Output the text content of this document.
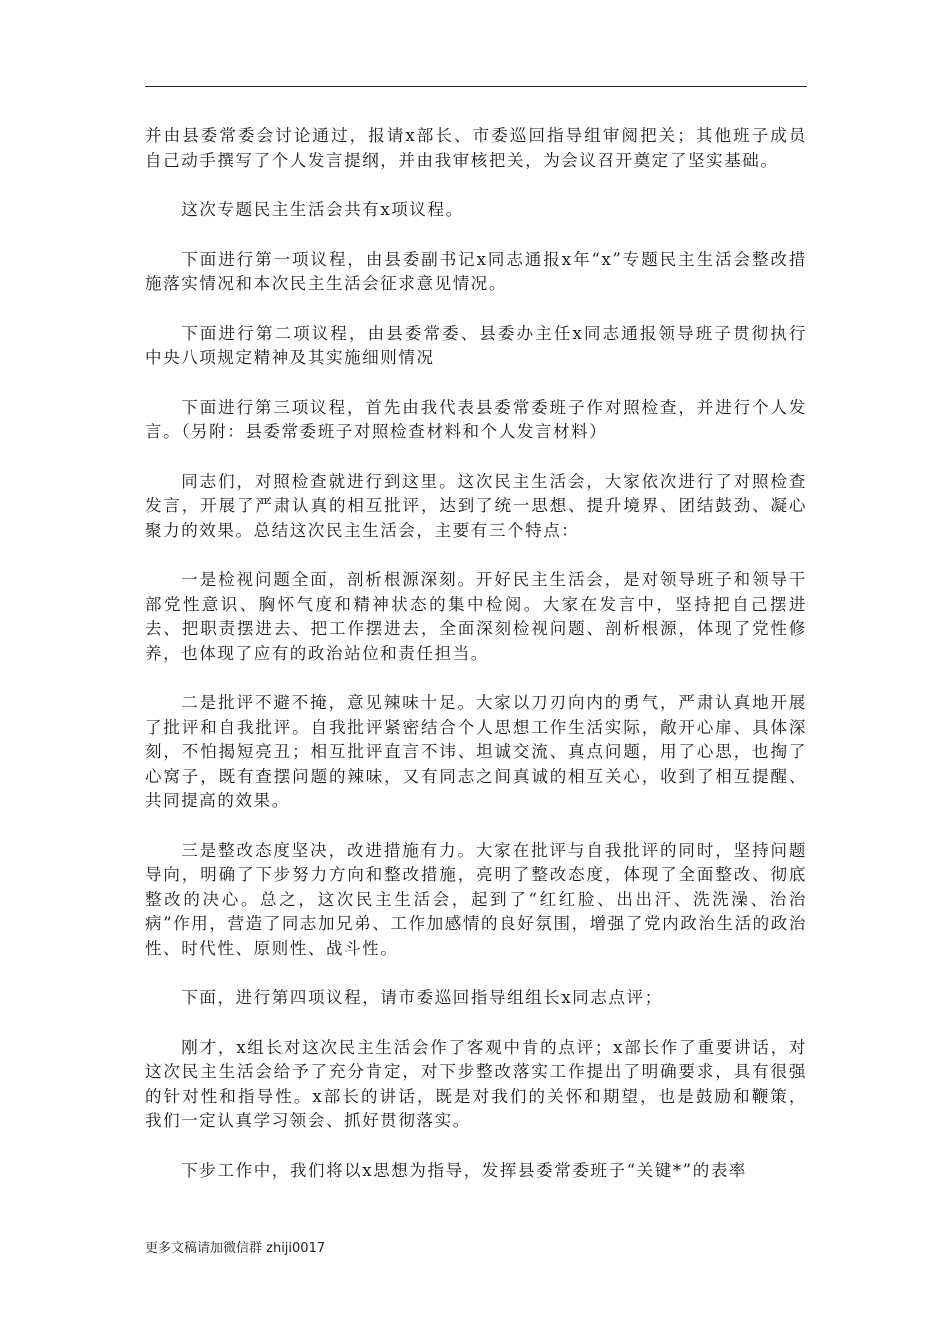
并由县委常委会讨论通过，报请x部长、市委巡回指导组审阅把关；其他班子成员自己动手撰写了个人发言提纲，并由我审核把关，为会议召开奠定了坚实基础。

这次专题民主生活会共有x项议程。

下面进行第一项议程，由县委副书记x同志通报x年“x”专题民主生活会整改措施落实情况和本次民主生活会征求意见情况。

下面进行第二项议程，由县委常委、县委办主任x同志通报领导班子贯彻执行中央八项规定精神及其实施细则情况

下面进行第三项议程，首先由我代表县委常委班子作对照检查，并进行个人发言。（另附：县委常委班子对照检查材料和个人发言材料）

同志们，对照检查就进行到这里。这次民主生活会，大家依次进行了对照检查发言，开展了严肃认真的相互批评，达到了统一思想、提升境界、团结鼓劲、凝心聚力的效果。总结这次民主生活会，主要有三个特点：

一是检视问题全面，剖析根源深刻。开好民主生活会，是对领导班子和领导干部党性意识、胸怀气度和精神状态的集中检阅。大家在发言中，坚持把自己摆进去、把职责摆进去、把工作摆进去，全面深刻检视问题、剖析根源，体现了党性修养，也体现了应有的政治站位和责任担当。

二是批评不避不掩，意见辣味十足。大家以刀刃向内的勇气，严肃认真地开展了批评和自我批评。自我批评紧密结合个人思想工作生活实际，敞开心扉、具体深刻，不怕揭短亮丑；相互批评直言不讳、坦诚交流、真点问题，用了心思，也掏了心窝子，既有查摆问题的辣味，又有同志之间真诚的相互关心，收到了相互提醒、共同提高的效果。

三是整改态度坚决，改进措施有力。大家在批评与自我批评的同时，坚持问题导向，明确了下步努力方向和整改措施，亮明了整改态度，体现了全面整改、彻底整改的决心。总之，这次民主生活会，起到了“红红脸、出出汗、洗洗澡、治治病”作用，营造了同志加兄弟、工作加感情的良好氛围，增强了党内政治生活的政治性、时代性、原则性、战斗性。

下面，进行第四项议程，请市委巡回指导组组长x同志点评；

刚才，x组长对这次民主生活会作了客观中肯的点评；x部长作了重要讲话，对这次民主生活会给予了充分肯定，对下步整改落实工作提出了明确要求，具有很强的针对性和指导性。x部长的讲话，既是对我们的关怀和期望，也是鼓励和鞭策，我们一定认真学习领会、抓好贯彻落实。

下步工作中，我们将以x思想为指导，发挥县委常委班子“关键*”的表率

更多文稿请加微信群 zhiji0017
